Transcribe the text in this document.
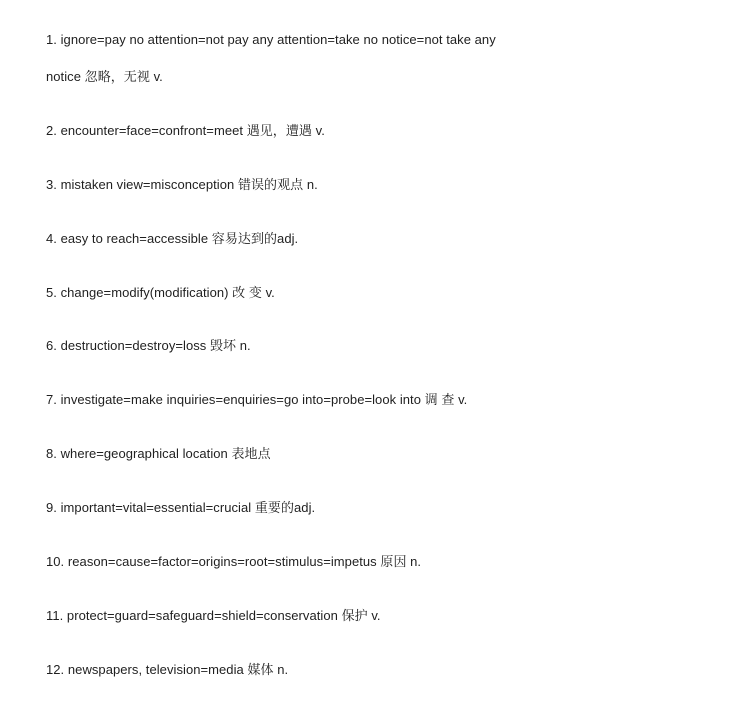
1. ignore=pay no attention=not pay any attention=take no notice=not take any
notice 忽略，无视 v.
2. encounter=face=confront=meet 遇见，遭遇 v.
3. mistaken view=misconception 错误的观点 n.
4. easy to reach=accessible 容易达到的adj.
5. change=modify(modification) 改 变 v.
6. destruction=destroy=loss 毁坏 n.
7. investigate=make inquiries=enquiries=go into=probe=look into 调 查 v.
8. where=geographical location 表地点
9. important=vital=essential=crucial 重要的adj.
10. reason=cause=factor=origins=root=stimulus=impetus 原因 n.
11. protect=guard=safeguard=shield=conservation 保护 v.
12. newspapers, television=media 媒体 n.
